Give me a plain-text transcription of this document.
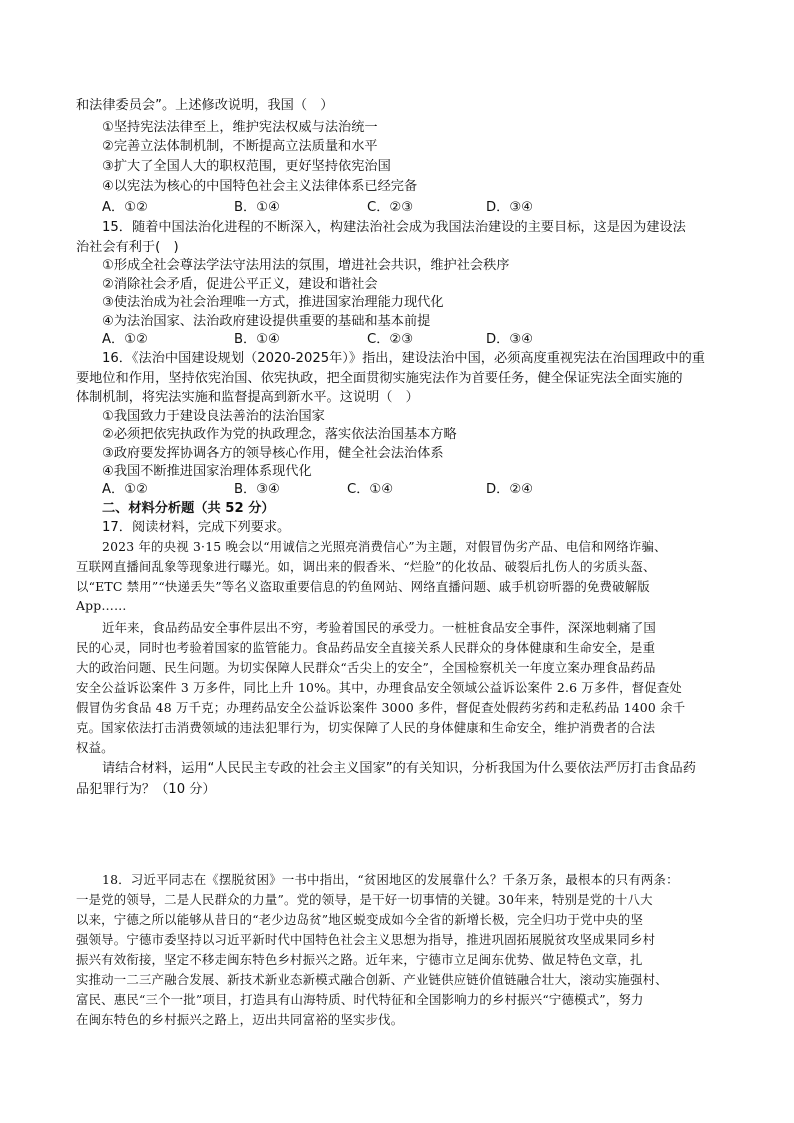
和法律委员会”。上述修改说明，我国（　）
①坚持宪法法律至上，维护宪法权威与法治统一
②完善立法体制机制，不断提高立法质量和水平
③扩大了全国人大的职权范围，更好坚持依宪治国
④以宪法为核心的中国特色社会主义法律体系已经完备
A．①②	B．①④	C．②③	D．③④
15．随着中国法治化进程的不断深入，构建法治社会成为我国法治建设的主要目标，这是因为建设法
治社会有利于(　)
①形成全社会尊法学法守法用法的氛围，增进社会共识，维护社会秩序
②消除社会矛盾，促进公平正义，建设和谐社会
③使法治成为社会治理唯一方式，推进国家治理能力现代化
④为法治国家、法治政府建设提供重要的基础和基本前提
A．①②	B．①④	C．②③	D．③④
16．《法治中国建设规划（2020-2025年）》指出，建设法治中国，必须高度重视宪法在治国理政中的重
要地位和作用，坚持依宪治国、依宪执政，把全面贯彻实施宪法作为首要任务，健全保证宪法全面实施的
体制机制，将宪法实施和监督提高到新水平。这说明（　）
①我国致力于建设良法善治的法治国家
②必须把依宪执政作为党的执政理念，落实依法治国基本方略
③政府要发挥协调各方的领导核心作用，健全社会法治体系
④我国不断推进国家治理体系现代化
A．①②	B．③④	C．①④	D．②④
二、材料分析题（共 52 分）
17．阅读材料，完成下列要求。
2023 年的央视 3·15 晚会以“用诚信之光照亮消费信心”为主题，对假冒伪劣产品、电信和网络诈骗、
互联网直播间乱象等现象进行曝光。如，调出来的假香米、“烂脸”的化妆品、破裂后扎伤人的劣质头盔、
以“ETC 禁用”“快递丢失”等名义盗取重要信息的钓鱼网站、网络直播问题、戚手机窃听器的免费破解版
App……
近年来，食品药品安全事件层出不穷，考验着国民的承受力。一桩桩食品安全事件，深深地刺痛了国
民的心灵，同时也考验着国家的监管能力。食品药品安全直接关系人民群众的身体健康和生命安全，是重
大的政治问题、民生问题。为切实保障人民群众“舌尖上的安全”，全国检察机关一年度立案办理食品药品
安全公益诉讼案件 3 万多件，同比上升 10%。其中，办理食品安全领域公益诉讼案件 2.6 万多件，督促查处
假冒伪劣食品 48 万千克；办理药品安全公益诉讼案件 3000 多件，督促查处假药劣药和走私药品 1400 余千
克。国家依法打击消费领域的违法犯罪行为，切实保障了人民的身体健康和生命安全，维护消费者的合法
权益。
请结合材料，运用“人民民主专政的社会主义国家”的有关知识，分析我国为什么要依法严厉打击食品药
品犯罪行为？（10 分）
18．习近平同志在《摆脱贫困》一书中指出，“贫困地区的发展靠什么？千条万条，最根本的只有两条：
一是党的领导，二是人民群众的力量”。党的领导，是干好一切事情的关键。30年来，特别是党的十八大
以来，宁德之所以能够从昔日的“老少边岛贫”地区蜕变成如今全省的新增长极，完全归功于党中央的坚
强领导。宁德市委坚持以习近平新时代中国特色社会主义思想为指导，推进巩固拓展脱贫攻坚成果同乡村
振兴有效衔接，坚定不移走闽东特色乡村振兴之路。近年来，宁德市立足闽东优势、做足特色文章，扎
实推动一二三产融合发展、新技术新业态新模式融合创新、产业链供应链价值链融合壮大，滚动实施强村、
富民、惠民“三个一批”项目，打造具有山海特质、时代特征和全国影响力的乡村振兴“宁德模式”，努力
在闽东特色的乡村振兴之路上，迈出共同富裕的坚实步伐。
